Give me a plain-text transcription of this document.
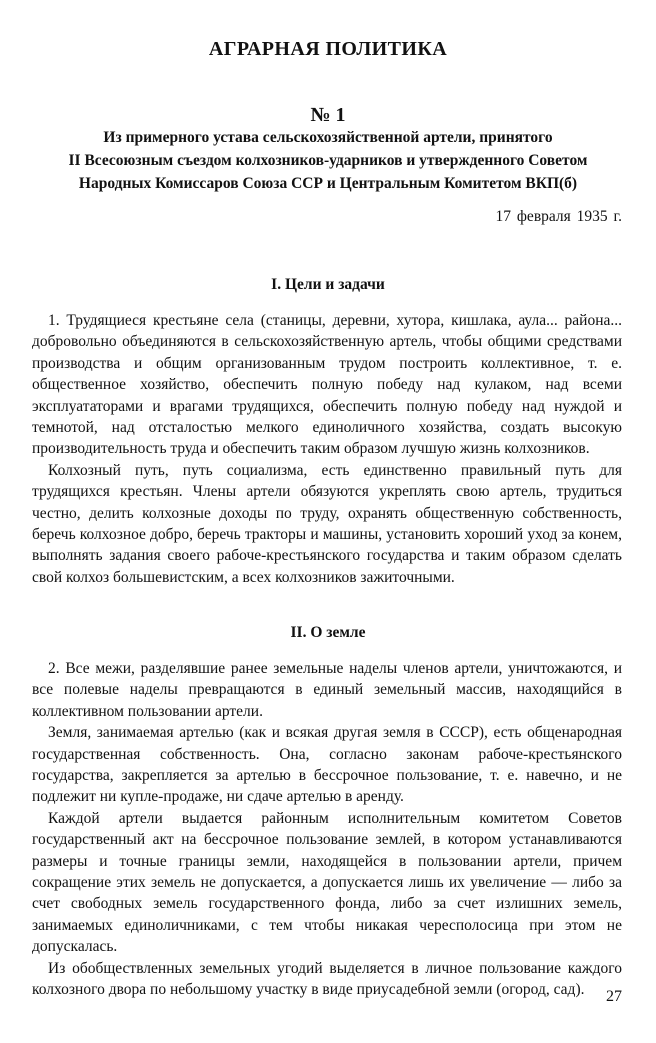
АГРАРНАЯ ПОЛИТИКА
№ 1
Из примерного устава сельскохозяйственной артели, принятого
II Всесоюзным съездом колхозников-ударников и утвержденного Советом
Народных Комиссаров Союза ССР и Центральным Комитетом ВКП(б)
17 февраля 1935 г.
I. Цели и задачи

1. Трудящиеся крестьяне села (станицы, деревни, хутора, кишлака, аула... района... добровольно объединяются в сельскохозяйственную артель, чтобы общими средствами производства и общим организованным трудом построить коллективное, т. е. общественное хозяйство, обеспечить полную победу над кулаком, над всеми эксплуататорами и врагами трудящихся, обеспечить полную победу над нуждой и темнотой, над отсталостью мелкого единоличного хозяйства, создать высокую производительность труда и обеспечить таким образом лучшую жизнь колхозников.

Колхозный путь, путь социализма, есть единственно правильный путь для трудящихся крестьян. Члены артели обязуются укреплять свою артель, трудиться честно, делить колхозные доходы по труду, охранять общественную собственность, беречь колхозное добро, беречь тракторы и машины, установить хороший уход за конем, выполнять задания своего рабоче-крестьянского государства и таким образом сделать свой колхоз большевистским, а всех колхозников зажиточными.

II. О земле

2. Все межи, разделявшие ранее земельные наделы членов артели, уничтожаются, и все полевые наделы превращаются в единый земельный массив, находящийся в коллективном пользовании артели.

Земля, занимаемая артелью (как и всякая другая земля в СССР), есть общенародная государственная собственность. Она, согласно законам рабоче-крестьянского государства, закрепляется за артелью в бессрочное пользование, т. е. навечно, и не подлежит ни купле-продаже, ни сдаче артелью в аренду.

Каждой артели выдается районным исполнительным комитетом Советов государственный акт на бессрочное пользование землей, в котором устанавливаются размеры и точные границы земли, находящейся в пользовании артели, причем сокращение этих земель не допускается, а допускается лишь их увеличение — либо за счет свободных земель государственного фонда, либо за счет излишних земель, занимаемых единоличниками, с тем чтобы никакая чересполосица при этом не допускалась.

Из обобществленных земельных угодий выделяется в личное пользование каждого колхозного двора по небольшому участку в виде приусадебной земли (огород, сад).	27
